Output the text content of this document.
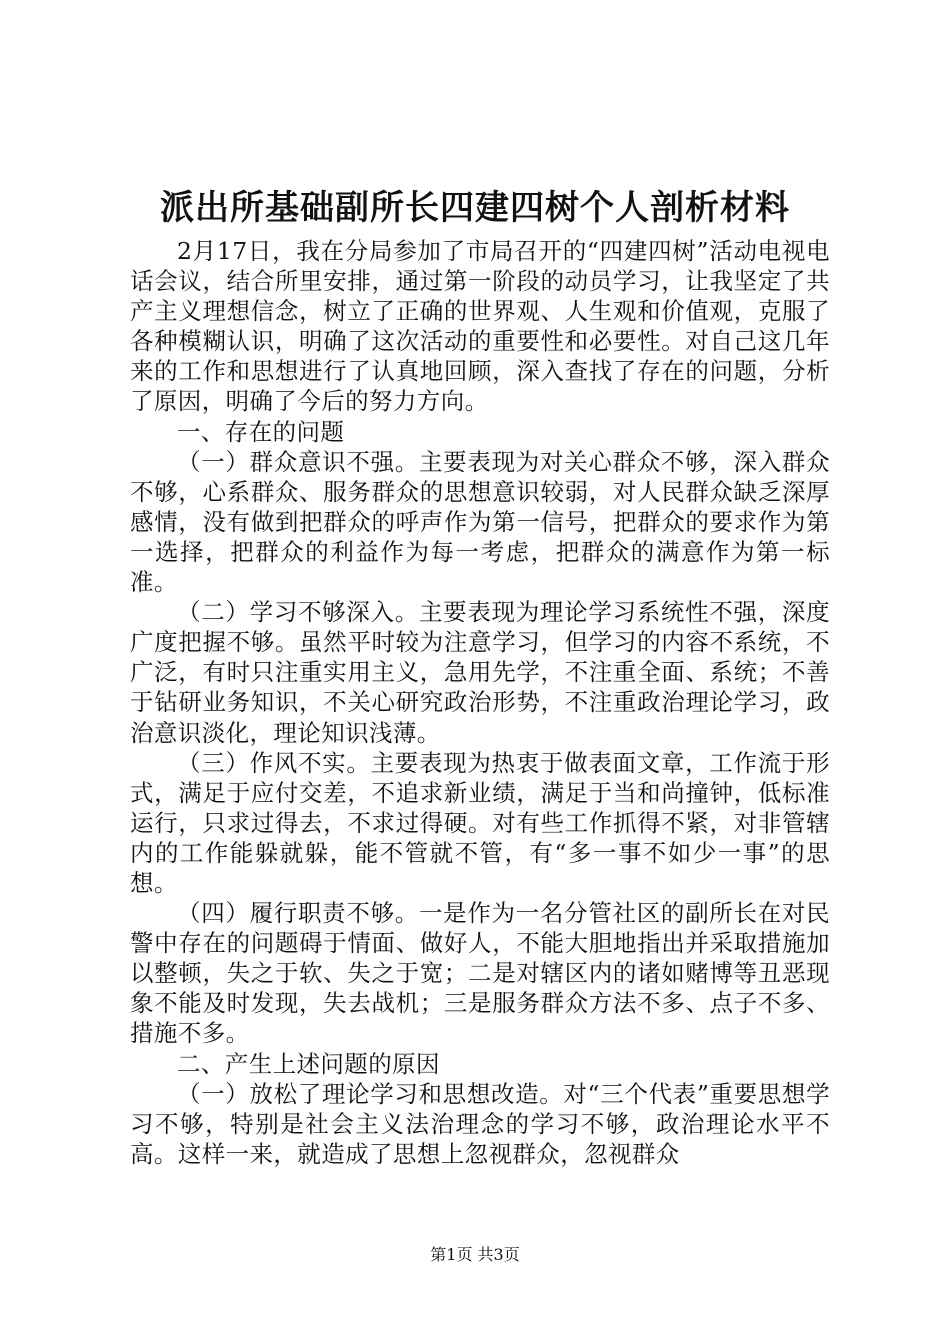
派出所基础副所长四建四树个人剖析材料

2月17日，我在分局参加了市局召开的“四建四树”活动电视电话会议，结合所里安排，通过第一阶段的动员学习，让我坚定了共产主义理想信念，树立了正确的世界观、人生观和价值观，克服了各种模糊认识，明确了这次活动的重要性和必要性。对自己这几年来的工作和思想进行了认真地回顾，深入查找了存在的问题，分析了原因，明确了今后的努力方向。

一、存在的问题

（一）群众意识不强。主要表现为对关心群众不够，深入群众不够，心系群众、服务群众的思想意识较弱，对人民群众缺乏深厚感情，没有做到把群众的呼声作为第一信号，把群众的要求作为第一选择，把群众的利益作为每一考虑，把群众的满意作为第一标准。

（二）学习不够深入。主要表现为理论学习系统性不强，深度广度把握不够。虽然平时较为注意学习，但学习的内容不系统，不广泛，有时只注重实用主义，急用先学，不注重全面、系统；不善于钻研业务知识，不关心研究政治形势，不注重政治理论学习，政治意识淡化，理论知识浅薄。

（三）作风不实。主要表现为热衷于做表面文章，工作流于形式，满足于应付交差，不追求新业绩，满足于当和尚撞钟，低标准运行，只求过得去，不求过得硬。对有些工作抓得不紧，对非管辖内的工作能躲就躲，能不管就不管，有“多一事不如少一事”的思想。

（四）履行职责不够。一是作为一名分管社区的副所长在对民警中存在的问题碍于情面、做好人，不能大胆地指出并采取措施加以整顿，失之于软、失之于宽；二是对辖区内的诸如赌博等丑恶现象不能及时发现，失去战机；三是服务群众方法不多、点子不多、措施不多。

二、产生上述问题的原因

（一）放松了理论学习和思想改造。对“三个代表”重要思想学习不够，特别是社会主义法治理念的学习不够，政治理论水平不高。这样一来，就造成了思想上忽视群众，忽视群众

第1页 共3页
